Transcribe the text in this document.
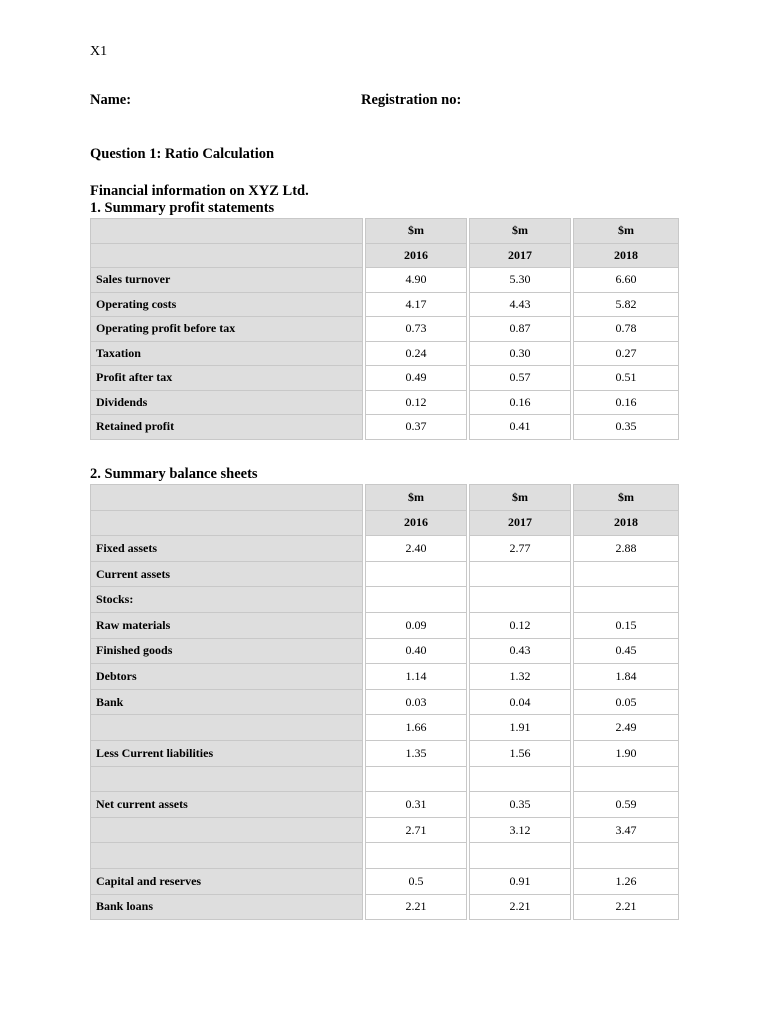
X1
Name:	Registration no:
Question 1: Ratio Calculation
Financial information on XYZ Ltd.
1. Summary profit statements
		$m		$m		$m
		2016		2017		2018
Sales turnover		4.90		5.30		6.60
Operating costs		4.17		4.43		5.82
Operating profit before tax		0.73		0.87		0.78
Taxation		0.24		0.30		0.27
Profit after tax		0.49		0.57		0.51
Dividends		0.12		0.16		0.16
Retained profit		0.37		0.41		0.35
2. Summary balance sheets
		$m		$m		$m
		2016		2017		2018
Fixed assets		2.40		2.77		2.88
Current assets						
Stocks:						
Raw materials		0.09		0.12		0.15
Finished goods		0.40		0.43		0.45
Debtors		1.14		1.32		1.84
Bank		0.03		0.04		0.05
		1.66		1.91		2.49
Less Current liabilities		1.35		1.56		1.90

Net current assets		0.31		0.35		0.59
		2.71		3.12		3.47

Capital and reserves		0.5		0.91		1.26
Bank loans		2.21		2.21		2.21
